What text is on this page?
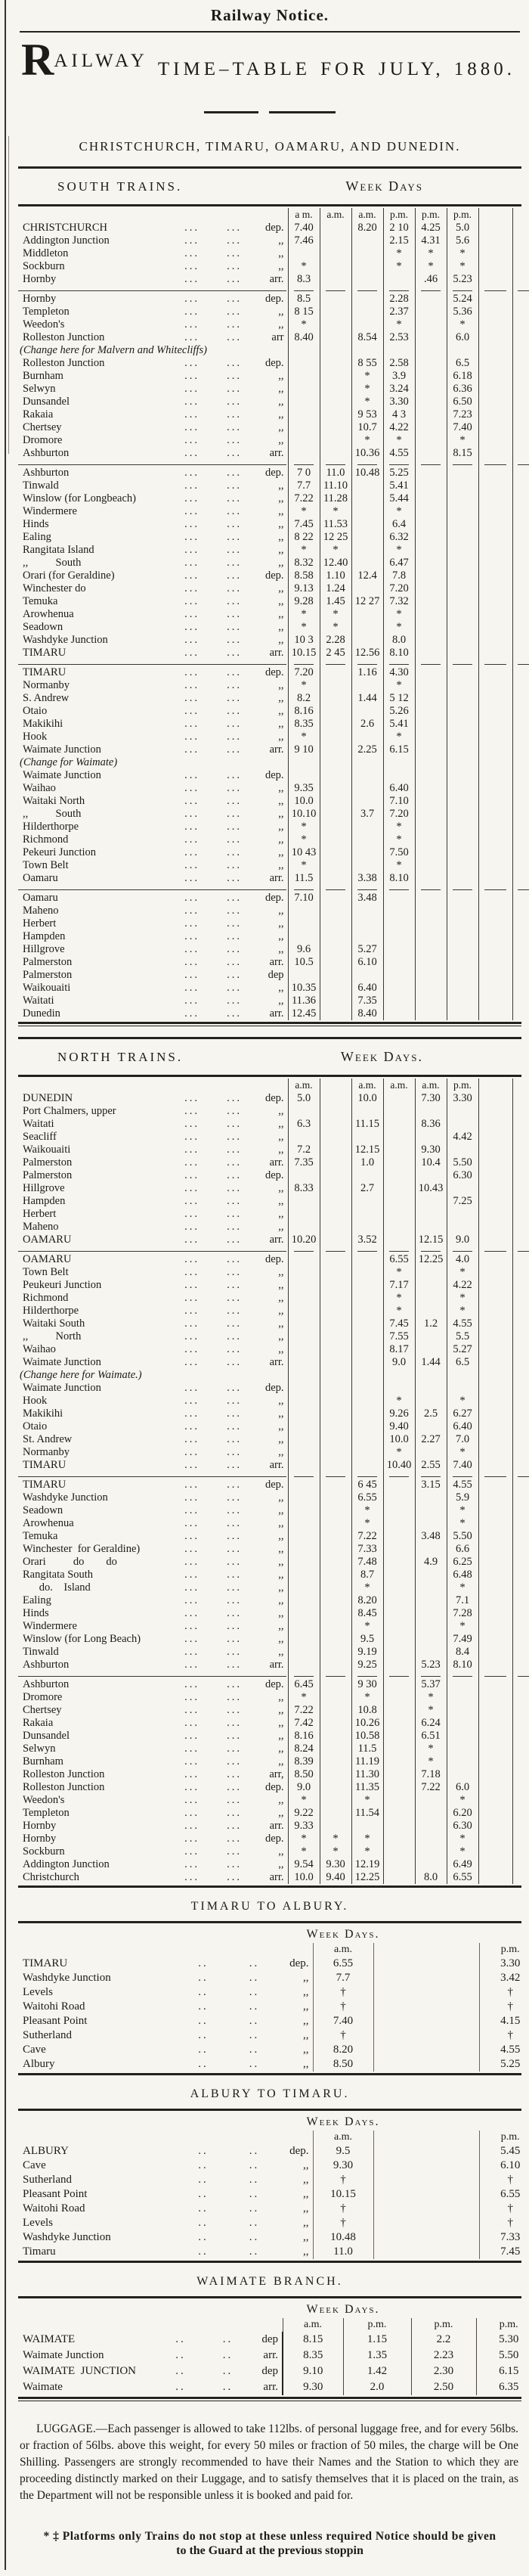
Railway Notice.
R AILWAY TIME–TABLE FOR JULY, 1880.
CHRISTCHURCH, TIMARU, OAMARU, AND DUNEDIN.
SOUTH TRAINS.	Week Days
				a m.	a.m.	a.m.	p.m.	p.m.	p.m.		
CHRISTCHURCH	...	...	dep.	7.40		8.20	2 10	4.25	5.0		
Addington Junction	...	...	,,	7.46			2.15	4.31	5.6		
Middleton	...	...	,,				*	*	*		
Sockburn	...	...	,,	*			*	*	*		
Hornby	...	...	arr.	8.3				.46	5.23		

Hornby	...	...	dep.	8.5			2.28		5.24		
Templeton	...	...	,,	8 15			2.37		5.36		
Weedon's	...	...	,,	*			*		*		
Rolleston Junction	...	...	arr	8.40		8.54	2.53		6.0		
(Change here for Malvern and Whitecliffs)											
Rolleston Junction	...	...	dep.			8 55	2.58		6.5		
Burnham	...	...	,,			*	3.9		6.18		
Selwyn	...	...	,,			*	3.24		6.36		
Dunsandel	...	...	,,			*	3.30		6.50		
Rakaia	...	...	,,			9 53	4 3		7.23		
Chertsey	...	...	,,			10.7	4.22		7.40		
Dromore	...	...	,,			*	*		*		
Ashburton	...	...	arr.			10.36	4.55		8.15		

Ashburton	...	...	dep.	7 0	11.0	10.48	5.25				
Tinwald	...	...	,,	7.7	11.10		5.41				
Winslow (for Longbeach)	...	...	,,	7.22	11.28		5.44				
Windermere	...	...	,,	*	*		*				
Hinds	...	...	,,	7.45	11.53		6.4				
Ealing	...	...	,,	8 22	12 25		6.32				
Rangitata Island	...	...	,,	*	*		*				
,,          South	...	...	,,	8.32	12.40		6.47				
Orari (for Geraldine)	...	...	dep.	8.58	1.10	12.4	7.8				
Winchester do	...	...	,,	9.13	1.24		7.20				
Temuka	...	...	,,	9.28	1.45	12 27	7.32				
Arowhenua	...	...	,,	*	*		*				
Seadown	...	...	,,	*	*		*				
Washdyke Junction	...	...	,,	10 3	2.28		8.0				
TIMARU	...	...	arr.	10.15	2 45	12.56	8.10				

TIMARU	...	...	dep.	7.20		1.16	4.30				
Normanby	...	...	,,	*			*				
S. Andrew	...	...	,,	8.2		1.44	5 12				
Otaio	...	...	,,	8.16			5.26				
Makikihi	...	...	,,	8.35		2.6	5.41				
Hook	...	...	,,	*			*				
Waimate Junction	...	...	arr.	9 10		2.25	6.15				
(Change for Waimate)											
Waimate Junction	...	...	dep.								
Waihao	...	...	,,	9.35			6.40				
Waitaki North	...	...	,,	10.0			7.10				
,,          South	...	...	,,	10.10		3.7	7.20				
Hilderthorpe	...	...	,,	*			*				
Richmond	...	...	,,	*			*				
Pekeuri Junction	...	...	,,	10 43			7.50				
Town Belt	...	...	,,	*			*				
Oamaru	...	...	arr.	11.5		3.38	8.10				

Oamaru	...	...	dep.	7.10		3.48					
Maheno	...	...	,,								
Herbert	...	...	,,								
Hampden	...	...	,,								
Hillgrove	...	...	,,	9.6		5.27					
Palmerston	...	...	arr.	10.5		6.10					
Palmerston	...	...	dep								
Waikouaiti	...	...	,,	10.35		6.40					
Waitati	...	...	,,	11.36		7.35					
Dunedin	...	...	arr.	12.45		8.40					
NORTH TRAINS.	Week Days.
				a.m.		a.m.	a.m.	a.m.	p.m.		
DUNEDIN	...	...	dep.	5.0		10.0		7.30	3.30		
Port Chalmers, upper	...	...	,,								
Waitati	...	...	,,	6.3		11.15		8.36			
Seacliff	...	...	,,						4.42		
Waikouaiti	...	...	,,	7.2		12.15		9.30			
Palmerston	...	...	arr.	7.35		1.0		10.4	5.50		
Palmerston	...	...	dep.						6.30		
Hillgrove	...	...	,,	8.33		2.7		10.43			
Hampden	...	...	,,						7.25		
Herbert	...	...	,,								
Maheno	...	...	,,								
OAMARU	...	...	arr.	10.20		3.52		12.15	9.0		

OAMARU	...	...	dep.				6.55	12.25	4.0		
Town Belt	...	...	,,				*		*		
Peukeuri Junction	...	...	,,				7.17		4.22		
Richmond	...	...	,,				*		*		
Hilderthorpe	...	...	,,				*		*		
Waitaki South	...	...	,,				7.45	1.2	4.55		
,,          North	...	...	,,				7.55		5.5		
Waihao	...	...	,,				8.17		5.27		
Waimate Junction	...	...	arr.				9.0	1.44	6.5		
(Change here for Waimate.)											
Waimate Junction	...	...	dep.								
Hook	...	...	,,				*		*		
Makikihi	...	...	,,				9.26	2.5	6.27		
Otaio	...	...	,,				9.40		6.40		
St. Andrew	...	...	,,				10.0	2.27	7.0		
Normanby	...	...	,,				*		*		
TIMARU	...	...	arr.				10.40	2.55	7.40		

TIMARU	...	...	dep.			6 45		3.15	4.55		
Washdyke Junction	...	...	,,			6.55			5.9		
Seadown	...	...	,,			*			*		
Arowhenua	...	...	,,			*			*		
Temuka	...	...	,,			7.22		3.48	5.50		
Winchester  for Geraldine)	...	...	,,			7.33			6.6		
Orari          do        do	...	...	,,			7.48		4.9	6.25		
Rangitata South	...	...	,,			8.7			6.48		
do.    Island	...	...	,,			*			*		
Ealing	...	...	,,			8.20			7.1		
Hinds	...	...	,,			8.45			7.28		
Windermere	...	...	,,			*			*		
Winslow (for Long Beach)	...	...	,,			9.5			7.49		
Tinwald	...	...	,,			9.19			8.4		
Ashburton	...	...	arr.			9.25		5.23	8.10		

Ashburton	...	...	dep.	6.45		9 30		5.37			
Dromore	...	...	,,	*		*		*			
Chertsey	...	...	,,	7.22		10.8		*			
Rakaia	...	...	,,	7.42		10.26		6.24			
Dunsandel	...	...	,,	8.16		10.58		6.51			
Selwyn	...	...	,,	8.24		11.5		*			
Burnham	...	...	,,	8.39		11.19		*			
Rolleston Junction	...	...	arr,	8.50		11.30		7.18			
Rolleston Junction	...	...	dep.	9.0		11.35		7.22	6.0		
Weedon's	...	...	,,	*		*			*		
Templeton	...	...	,,	9.22		11.54			6.20		
Hornby	...	...	arr.	9.33					6.30		
Hornby	...	...	dep.	*	*	*			*		
Sockburn	...	...	,,	*	*	*			*		
Addington Junction	...	...	,,	9.54	9.30	12.19			6.49		
Christchurch	...	...	arr.	10.0	9.40	12.25		8.0	6.55		
TIMARU TO ALBURY.
Week Days.
				a.m.		p.m.
TIMARU	..	..	dep.	6.55		3.30
Washdyke Junction	..	..	,,	7.7		3.42
Levels	..	..	,,	†		†
Waitohi Road	..	..	,,	†		†
Pleasant Point	..	..	,,	7.40		4.15
Sutherland	..	..	,,	†		†
Cave	..	..	,,	8.20		4.55
Albury	..	..	,,	8.50		5.25
ALBURY TO TIMARU.
Week Days.
				a.m.		p.m.
ALBURY	..	..	dep.	9.5		5.45
Cave	..	..	,,	9.30		6.10
Sutherland	..	..	,,	†		†
Pleasant Point	..	..	,,	10.15		6.55
Waitohi Road	..	..	,,	†		†
Levels	..	..	,,	†		†
Washdyke Junction	..	..	,,	10.48		7.33
Timaru	..	..	,,	11.0		7.45
WAIMATE BRANCH.
Week Days.
				a.m.	p.m.	p.m.	p.m.
WAIMATE	..	..	dep	8.15	1.15	2.2	5.30
Waimate Junction	..	..	arr.	8.35	1.35	2.23	5.50
WAIMATE  JUNCTION	..	..	dep	9.10	1.42	2.30	6.15
Waimate	..	..	arr.	9.30	2.0	2.50	6.35

LUGGAGE.—Each passenger is allowed to take 112lbs. of personal luggage free, and for every 56lbs. or fraction of 56lbs. above this weight, for every 50 miles or fraction of 50 miles, the charge will be One Shilling. Passengers are strongly recommended to have their Names and the Station to which they are proceeding distinctly marked on their Luggage, and to satisfy themselves that it is placed on the train, as the Department will not be responsible unless it is booked and paid for.

* ‡ Platforms only Trains do not stop at these unless required Notice should be given
to the Guard at the previous stoppin
